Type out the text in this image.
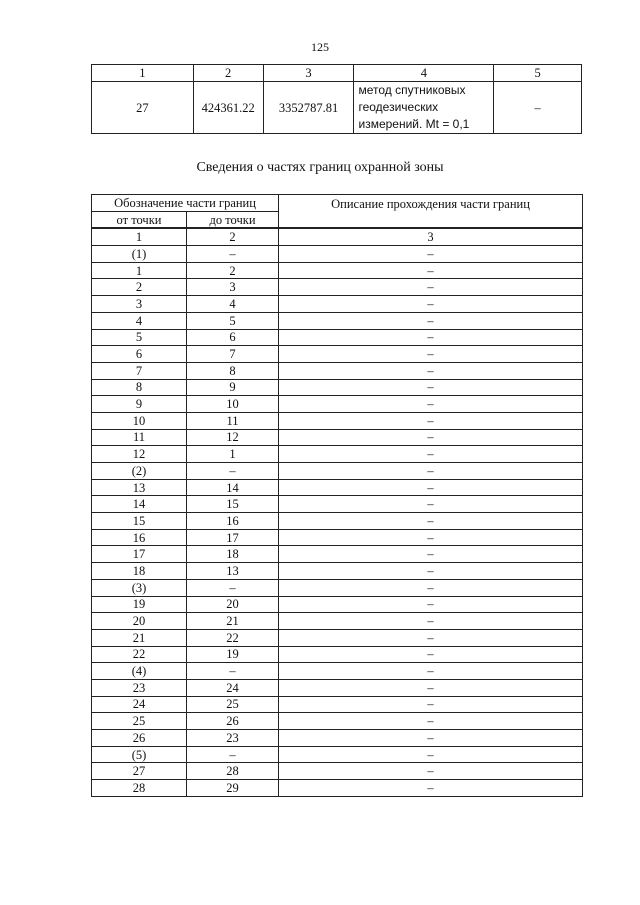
125
1	2	3	4	5
27	424361.22	3352787.81	метод спутниковых
геодезических
измерений. Mt = 0,1	–
Сведения о частях границ охранной зоны
Обозначение части границ		Описание прохождения части границ
от точки	до точки	
1	2	3
(1)	–	–
1	2	–
2	3	–
3	4	–
4	5	–
5	6	–
6	7	–
7	8	–
8	9	–
9	10	–
10	11	–
11	12	–
12	1	–
(2)	–	–
13	14	–
14	15	–
15	16	–
16	17	–
17	18	–
18	13	–
(3)	–	–
19	20	–
20	21	–
21	22	–
22	19	–
(4)	–	–
23	24	–
24	25	–
25	26	–
26	23	–
(5)	–	–
27	28	–
28	29	–
